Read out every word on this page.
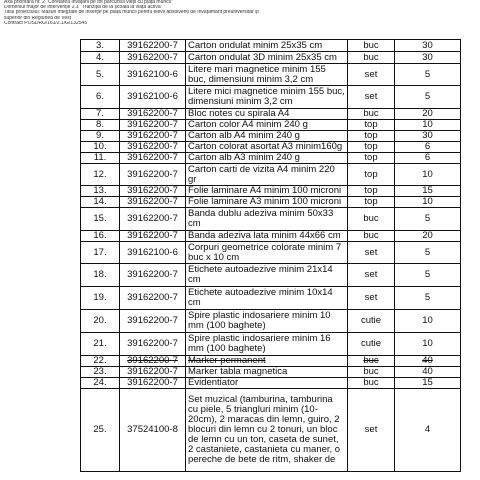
Axa prioritară nr. 2 "Corelarea învățării pe tot parcursul vieții cu piața muncii"
Domeniul major de intervenție 2.1 "Tranziția de la școală la viața activă"
Titlul proiectului: Măsuri integrate de inserție pe piața muncii pentru elevii absolvenți de învățământ preuniversitar și
superior din Regiunea de Vest
Contract POSDRU/161/2.1/G/132545
3.	39162200-7	Carton ondulat minim 25x35 cm	buc	30
4.	39162200-7	Carton ondulat 3D minim 25x35 cm	buc	30
5.	39162100-6	Litere mari magnetice minim 155 buc, dimensiuni minim 3,2 cm	set	5
6.	39162100-6	Litere mici magnetice minim 155 buc, dimensiuni minim 3,2 cm	set	5
7.	39162200-7	Bloc notes cu spirala A4	buc	20
8.	39162200-7	Carton color A4 minim 240 g	top	10
9.	39162200-7	Carton alb A4 minim 240 g	top	30
10.	39162200-7	Carton colorat asortat A3 minim160g	top	6
11.	39162200-7	Carton alb A3 minim 240 g	top	6
12.	39162200-7	Carton carti de vizita A4 minim 220 gr	top	10
13.	39162200-7	Folie laminare A4 minim 100 microni	top	15
14.	39162200-7	Folie laminare A3 minim 100 microni	top	10
15.	39162200-7	Banda dublu adeziva minim 50x33 cm	buc	5
16.	39162200-7	Banda adeziva lata minim 44x66 cm	buc	20
17.	39162100-6	Corpuri geometrice colorate minim 7 buc x 10 cm	set	5
18.	39162200-7	Etichete autoadezive minim 21x14 cm	set	5
19.	39162200-7	Etichete autoadezive minim 10x14 cm	set	5
20.	39162200-7	Spire plastic indosariere minim 10 mm (100 baghete)	cutie	10
21.	39162200-7	Spire plastic indosariere minim 16 mm (100 baghete)	cutie	10
22.	39162200-7	Marker permanent	buc	40
23.	39162200-7	Marker tabla magnetica	buc	40
24.	39162200-7	Evidentiator	buc	15
25.	37524100-8	Set muzical (tamburina, tamburina cu piele, 5 triangluri minim (10-20cm), 2 maracas din lemn, guiro, 2 blocuri din lemn cu 2 tonuri, un bloc de lemn cu un ton, caseta de sunet, 2 castaniete, castanieta cu maner, o pereche de bete de ritm, shaker de	set	4
